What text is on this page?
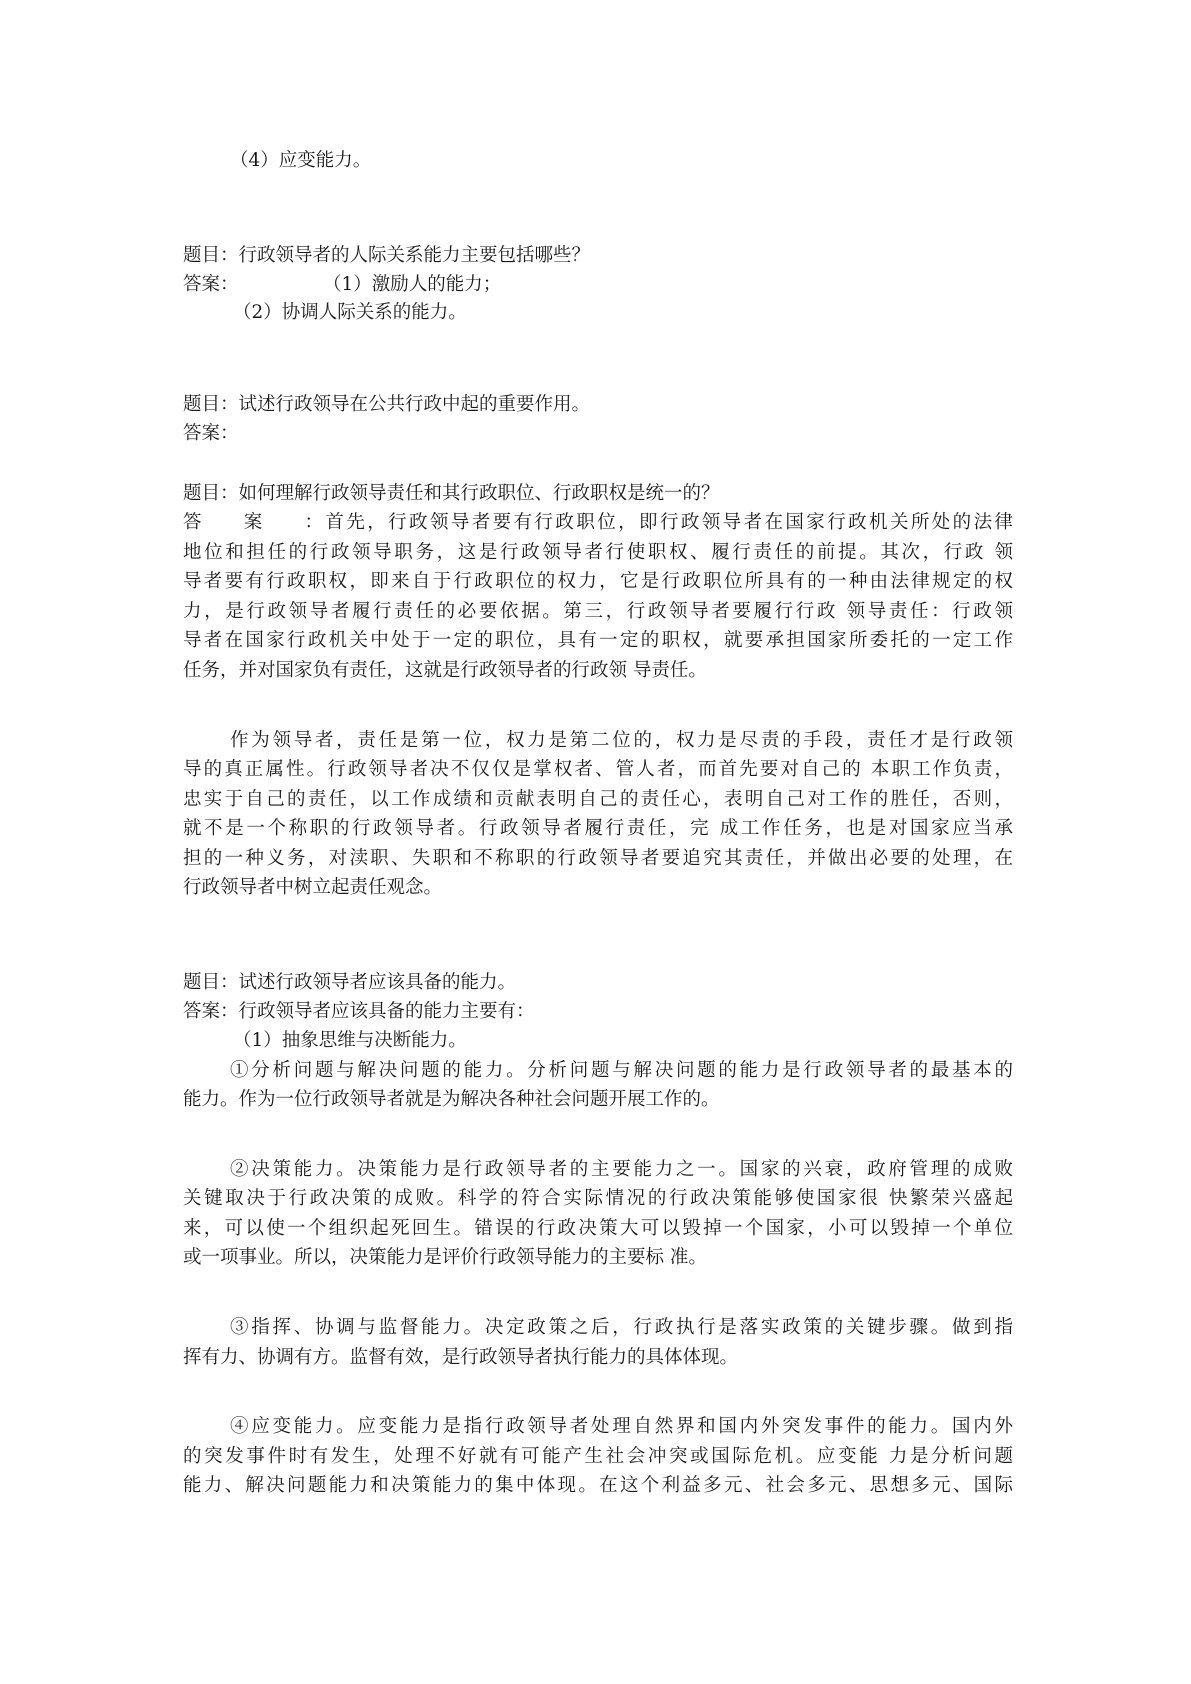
（4）应变能力。
题目：行政领导者的人际关系能力主要包括哪些？
答案：	（1）激励人的能力；
（2）协调人际关系的能力。
题目：试述行政领导在公共行政中起的重要作用。
答案：
题目：如何理解行政领导责任和其行政职位、行政职权是统一的？
答案：首先，行政领导者要有行政职位，即行政领导者在国家行政机关所处的法律
地位和担任的行政领导职务，这是行政领导者行使职权、履行责任的前提。其次，行政 领
导者要有行政职权，即来自于行政职位的权力，它是行政职位所具有的一种由法律规定的权
力，是行政领导者履行责任的必要依据。第三，行政领导者要履行行政 领导责任：行政领
导者在国家行政机关中处于一定的职位，具有一定的职权，就要承担国家所委托的一定工作
任务，并对国家负有责任，这就是行政领导者的行政领 导责任。
作为领导者，责任是第一位，权力是第二位的，权力是尽责的手段，责任才是行政领
导的真正属性。行政领导者决不仅仅是掌权者、管人者，而首先要对自己的 本职工作负责，
忠实于自己的责任，以工作成绩和贡献表明自己的责任心，表明自己对工作的胜任，否则，
就不是一个称职的行政领导者。行政领导者履行责任，完 成工作任务，也是对国家应当承
担的一种义务，对渎职、失职和不称职的行政领导者要追究其责任，并做出必要的处理，在
行政领导者中树立起责任观念。
题目：试述行政领导者应该具备的能力。
答案：行政领导者应该具备的能力主要有：
（1）抽象思维与决断能力。
①分析问题与解决问题的能力。分析问题与解决问题的能力是行政领导者的最基本的
能力。作为一位行政领导者就是为解决各种社会问题开展工作的。
②决策能力。决策能力是行政领导者的主要能力之一。国家的兴衰，政府管理的成败
关键取决于行政决策的成败。科学的符合实际情况的行政决策能够使国家很 快繁荣兴盛起
来，可以使一个组织起死回生。错误的行政决策大可以毁掉一个国家，小可以毁掉一个单位
或一项事业。所以，决策能力是评价行政领导能力的主要标 准。
③指挥、协调与监督能力。决定政策之后，行政执行是落实政策的关键步骤。做到指
挥有力、协调有方。监督有效，是行政领导者执行能力的具体体现。
④应变能力。应变能力是指行政领导者处理自然界和国内外突发事件的能力。国内外
的突发事件时有发生，处理不好就有可能产生社会冲突或国际危机。应变能 力是分析问题
能力、解决问题能力和决策能力的集中体现。在这个利益多元、社会多元、思想多元、国际
